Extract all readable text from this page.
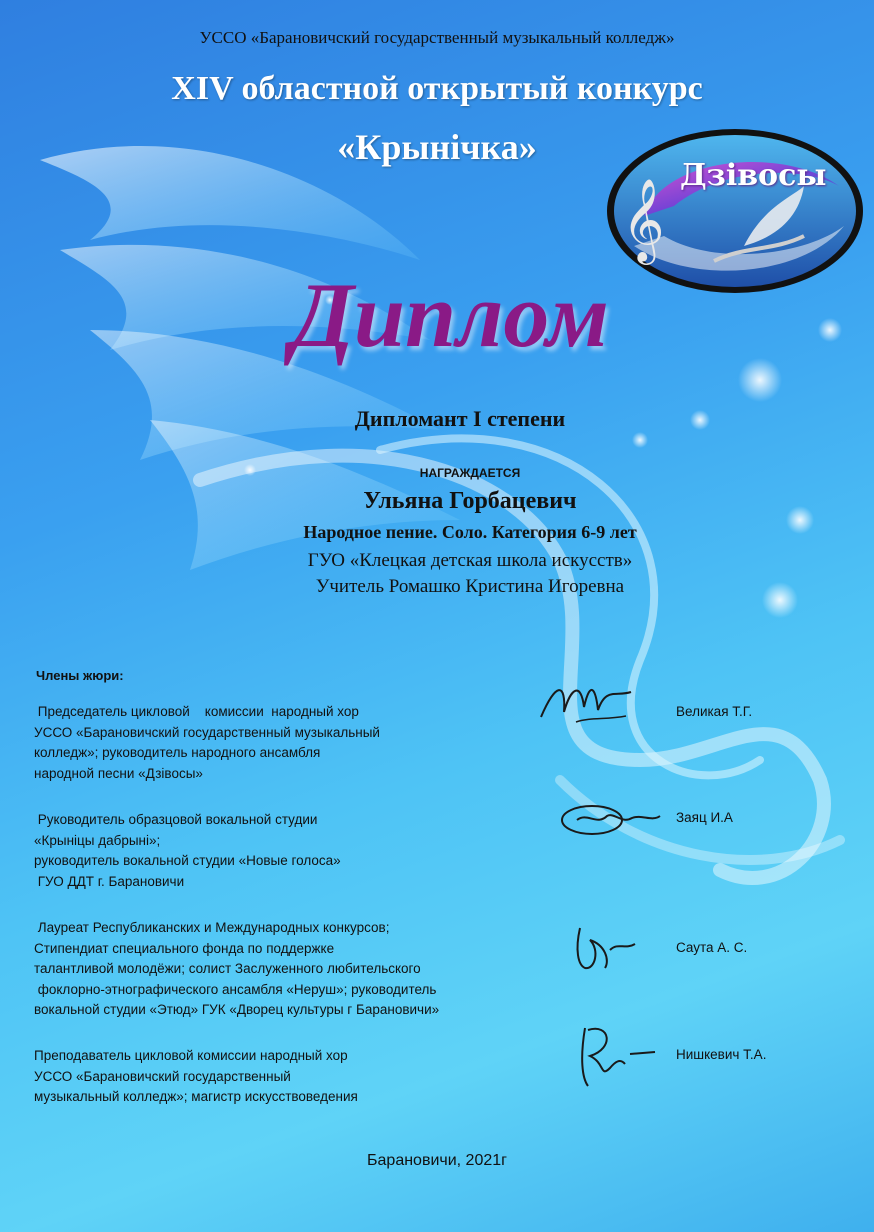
𝄞
Дзівосы
УССО «Барановичский государственный музыкальный колледж»
XIV областной открытый конкурс
«Крынічка»
Диплом
Дипломант I степени
НАГРАЖДАЕТСЯ
Ульяна Горбацевич
Народное пение. Соло. Категория 6-9 лет
ГУО «Клецкая детская школа искусств»
Учитель Ромашко Кристина Игоревна
Члены жюри:
Председатель цикловой    комиссии  народный хор
УССО «Барановичский государственный музыкальный
колледж»; руководитель народного ансамбля
народной песни «Дзівосы»
Великая Т.Г.
Руководитель образцовой вокальной студии
«Крыніцы дабрыні»;
руководитель вокальной студии «Новые голоса»
ГУО ДДТ г. Барановичи
Заяц И.А
Лауреат Республиканских и Международных конкурсов;
Стипендиат специального фонда по поддержке
талантливой молодёжи; солист Заслуженного любительского
фоклорно-этнографического ансамбля «Неруш»; руководитель
вокальной студии «Этюд» ГУК «Дворец культуры г Барановичи»
Саута А. С.
Преподаватель цикловой комиссии народный хор
УССО «Барановичский государственный
музыкальный колледж»; магистр искусствоведения
Нишкевич Т.А.
Барановичи, 2021г
